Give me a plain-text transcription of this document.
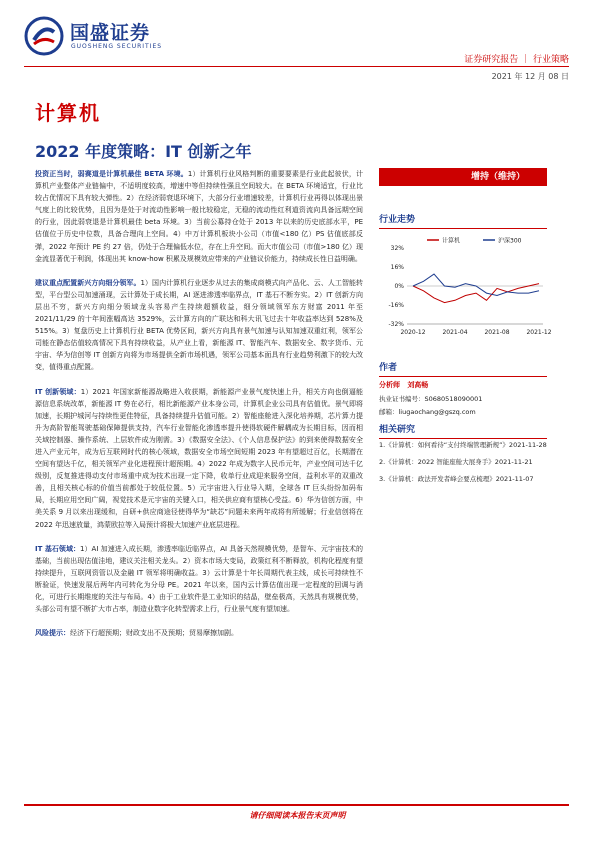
国盛证券
GUOSHENG SECURITIES
证券研究报告 ｜ 行业策略
2021 年 12 月 08 日
计算机
2022 年度策略：IT 创新之年

投资正当时，弱赛道是计算机最佳 BETA 环境。1）计算机行业风格判断的重要要素是行业此起彼伏，计算机产业整体产业链偏中，不适明度较高，增速中等但持续性强且空间较大。在 BETA 环境适宜，行业比较占优情况下具有较大弹性。2）在经济弱衰退环境下，大部分行业增速较差，计算机行业再得以体现出景气度上的比较优势，且因为是处于对流动性影响一般比较稳定，无稳的流动性红利道资流向具备远期空间的行业，因此弱衰退是计算机最佳 beta 环境。3）当前公募持仓处于 2013 年以来的历史底部水平，PE 估值位于历史中位数，具备合理向上空间。4）中万计算机板块小公司（市值<180 亿）PS 估值底部反弹，2022 年预计 PE 约 27 倍，仍处于合理偏低水位，存在上升空间。而大市值公司（市值>180 亿）现金流显著优于利润，体现出其 know-how 积累及规模效应带来的产业链议价能力，持续成长性日益明确。

建议重点配置新兴方向细分领军。1）国内计算机行业逐步从过去的集成商模式向产品化、云、人工智能转型，平台型公司加速涌现，云计算处于成长期，AI 逐进渗透率临界点，IT 基石不断夯实。2）IT 创新方向层出不穷，新兴方向细分领域龙头容易产生持续超额收益，细分领域领军东方财富 2011 年至 2021/11/29 的十年间涨幅高达 3529%，云计算方向的广联达和科大讯飞过去十年收益率达到 528%及 515%。3）复盘历史上计算机行业 BETA 优势区间，新兴方向具有景气加速与认知加速双重红利，领军公司能在静态估值较高情况下具有持续收益，从产业上看，新能源 IT、智能汽车、数据安全、数字货币、元宇宙、华为信创等 IT 创新方向将为市场提供全新市场机遇，领军公司基本面具有行业趋势利激下的较大改变，值得重点配置。

IT 创新领域：1）2021 年国家新能源战略进入收获期，新能源产业景气度快速上升，相关方向也倒逼能源信息系统改革，新能源 IT 势在必行，相比新能源产业本身公司，计算机企业公司具有估值优。景气即将加速，长期护城河与持续性更佳特征，具备持续提升估值可能。2）智能座舱进入深化培养期，芯片算力提升为高阶智能驾驶基础保障提供支持，汽车行业智能化渗透率提升使得软硬件解耦成为长期目标，因而相关域控制器、操作系统、上层软件成为刚需。3）《数据安全法》、《个人信息保护法》的到来使得数据安全进入产业元年，成为后互联网时代的核心领域，数据安全市场空间短期 2023 年有望超过百亿，长期潜在空间有望达千亿，相关领军产业化进程预计超预期。4）2022 年成为数字人民币元年，产业空间可达千亿级别，反复推进得动支付市场重中成为技术出现一定下降，收单行业成迎来服务空间，益利水平的双重改善，且相关核心标的价值当前都处于较低位置。5）元宇宙进入行业导入期，全球各 IT 巨头纷纷加码布局，长期应用空间广阔，视觉技术是元宇宙的关键入口，相关供应商有望核心受益。6）华为信创方面，中美关系 9 月以来出现缓和，自研+供应商途径使得华为“缺芯”问题未来两年成将有所缓解；行业信创将在 2022 年迅速放量，鸿蒙欧拉等入局预计将极大加速产业底层进程。

IT 基石领域：1）AI 加速进入成长期，渗透率临近临界点，AI 具备天然规模优势，是智车、元宇宙技术的基础，当前出现估值洼地，建议关注相关龙头。2）资本市场大变局，政策红利不断释放，机构化程度有望持续提升，互联网资管以及金融 IT 领军将明确收益。3）云计算是十年长周期代表主线，成长可持续性不断验证，快速发展后两年内可转化为分母 PE。2021 年以来，国内云计算估值出现一定程度的回调与消化，可进行长期维度的关注与布局。4）由于工业软件是工业知识的结晶，壁垒极高，天然具有规模优势，头部公司有望不断扩大市占率，制造业数字化转型需求上行，行业景气度有望加速。

风险提示：经济下行超预期；财政支出不及预期；贸易摩擦加剧。

增持（维持）
行业走势
计算机	沪深300
32%
16%
0%
-16%
-32%
2020-12	2021-04	2021-08	2021-12
作者
分析师 刘高畅
执业证书编号：S0680518090001
邮箱：liugaochang@gszq.com
相关研究
1.《计算机：如何看待“支付终端管理新规”》2021-11-28
2.《计算机：2022 智能座舱大展身手》2021-11-21
3.《计算机：政法开发者峰会要点梳理》2021-11-07
请仔细阅读本报告末页声明
